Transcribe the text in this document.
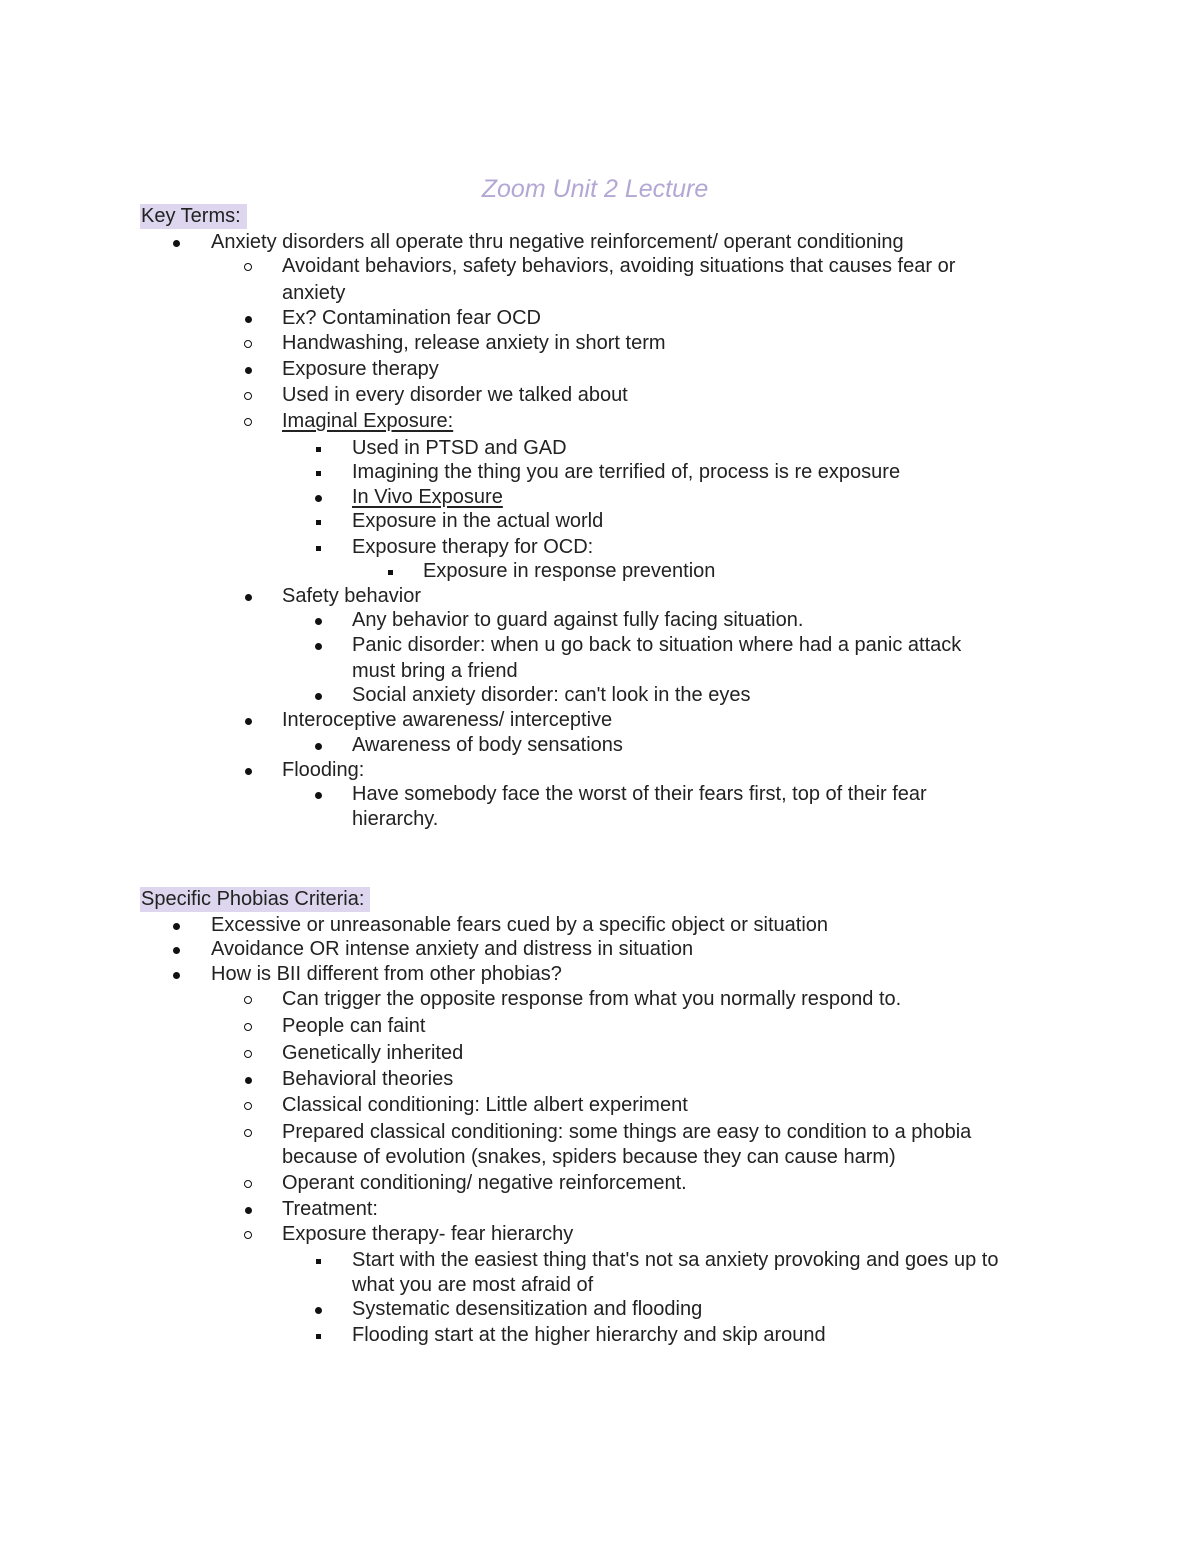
Zoom Unit 2 Lecture
Key Terms:
Anxiety disorders all operate thru negative reinforcement/ operant conditioning
Avoidant behaviors, safety behaviors, avoiding situations that causes fear or
anxiety
Ex? Contamination fear OCD
Handwashing, release anxiety in short term
Exposure therapy
Used in every disorder we talked about
Imaginal Exposure:
Used in PTSD and GAD
Imagining the thing you are terrified of, process is re exposure
In Vivo Exposure
Exposure in the actual world
Exposure therapy for OCD:
Exposure in response prevention
Safety behavior
Any behavior to guard against fully facing situation.
Panic disorder: when u go back to situation where had a panic attack
must bring a friend
Social anxiety disorder: can't look in the eyes
Interoceptive awareness/ interceptive
Awareness of body sensations
Flooding:
Have somebody face the worst of their fears first, top of their fear
hierarchy.
Specific Phobias Criteria:
Excessive or unreasonable fears cued by a specific object or situation
Avoidance OR intense anxiety and distress in situation
How is BII different from other phobias?
Can trigger the opposite response from what you normally respond to.
People can faint
Genetically inherited
Behavioral theories
Classical conditioning: Little albert experiment
Prepared classical conditioning: some things are easy to condition to a phobia
because of evolution (snakes, spiders because they can cause harm)
Operant conditioning/ negative reinforcement.
Treatment:
Exposure therapy- fear hierarchy
Start with the easiest thing that's not sa anxiety provoking and goes up to
what you are most afraid of
Systematic desensitization and flooding
Flooding start at the higher hierarchy and skip around
